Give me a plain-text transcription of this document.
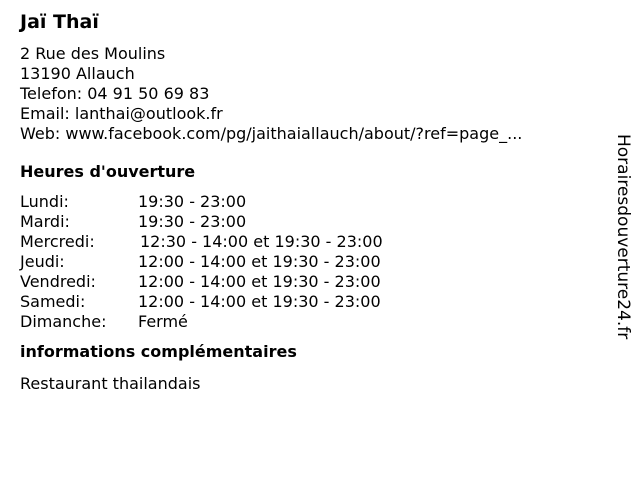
Jaï Thaï
2 Rue des Moulins
13190 Allauch
Telefon: 04 91 50 69 83
Email: lanthai@outlook.fr
Web: www.facebook.com/pg/jaithaiallauch/about/?ref=page_...
Heures d'ouverture
Lundi:	19:30 - 23:00
Mardi:	19:30 - 23:00
Mercredi:	12:30 - 14:00 et 19:30 - 23:00
Jeudi:	12:00 - 14:00 et 19:30 - 23:00
Vendredi:	12:00 - 14:00 et 19:30 - 23:00
Samedi:	12:00 - 14:00 et 19:30 - 23:00
Dimanche:	Fermé
informations complémentaires
Restaurant thailandais
Horairesdouverture24.fr
